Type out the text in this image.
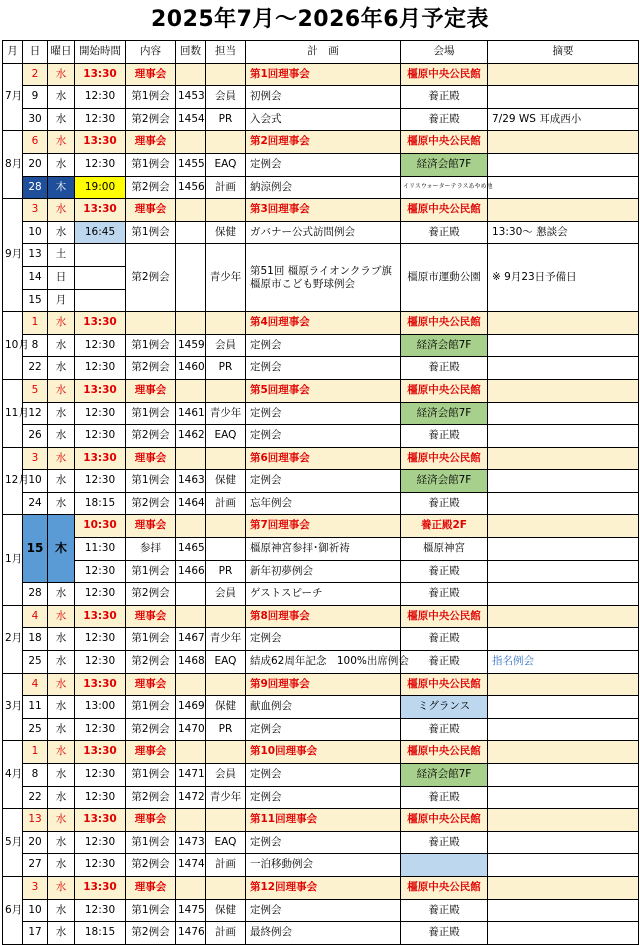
2025年7月～2026年6月予定表
月	日	曜日	開始時間	内容	回数	担当	計　画	会場	摘要
7月	2	水	13:30	理事会			第1回理事会	橿原中央公民館	
	9	水	12:30	第1例会	1453	会員	初例会	養正殿	
	30	水	12:30	第2例会	1454	PR	入会式	養正殿	7/29 WS 耳成西小
8月	6	水	13:30	理事会			第2回理事会	橿原中央公民館	
	20	水	12:30	第1例会	1455	EAQ	定例会	経済会館7F	
	28	木	19:00	第2例会	1456	計画	納涼例会	イリスウォーターテラスあやめ池	
9月	3	水	13:30	理事会			第3回理事会	橿原中央公民館	
	10	水	16:45	第1例会		保健	ガバナー公式訪問例会	養正殿	13:30～ 懇談会
	13	土		第2例会		青少年	第51回 橿原ライオンクラブ旗 橿原市こども野球例会	橿原市運動公園	※ 9月23日予備日
	14	日							
	15	月							
10月	1	水	13:30				第4回理事会	橿原中央公民館	
	8	水	12:30	第1例会	1459	会員	定例会	経済会館7F	
	22	水	12:30	第2例会	1460	PR	定例会	養正殿	
11月	5	水	13:30	理事会			第5回理事会	橿原中央公民館	
	12	水	12:30	第1例会	1461	青少年	定例会	経済会館7F	
	26	水	12:30	第2例会	1462	EAQ	定例会	養正殿	
12月	3	水	13:30	理事会			第6回理事会	橿原中央公民館	
	10	水	12:30	第1例会	1463	保健	定例会	経済会館7F	
	24	水	18:15	第2例会	1464	計画	忘年例会	養正殿	
1月	15	木	10:30	理事会			第7回理事会	養正殿2F	
			11:30	参拝	1465		橿原神宮参拝･御祈祷	橿原神宮	
			12:30	第1例会	1466	PR	新年初夢例会	養正殿	
	28	水	12:30	第2例会		会員	ゲストスピーチ	養正殿	
2月	4	水	13:30	理事会			第8回理事会	橿原中央公民館	
	18	水	12:30	第1例会	1467	青少年	定例会	養正殿	
	25	水	12:30	第2例会	1468	EAQ	結成62周年記念　100%出席例会	養正殿	指名例会
3月	4	水	13:30	理事会			第9回理事会	橿原中央公民館	
	11	水	13:00	第1例会	1469	保健	献血例会	ミグランス	
	25	水	12:30	第2例会	1470	PR	定例会	養正殿	
4月	1	水	13:30	理事会			第10回理事会	橿原中央公民館	
	8	水	12:30	第1例会	1471	会員	定例会	経済会館7F	
	22	水	12:30	第2例会	1472	青少年	定例会	養正殿	
5月	13	水	13:30	理事会			第11回理事会	橿原中央公民館	
	20	水	12:30	第1例会	1473	EAQ	定例会	養正殿	
	27	水	12:30	第2例会	1474	計画	一泊移動例会		
6月	3	水	13:30	理事会			第12回理事会	橿原中央公民館	
	10	水	12:30	第1例会	1475	保健	定例会	養正殿	
	17	水	18:15	第2例会	1476	計画	最終例会	養正殿	
